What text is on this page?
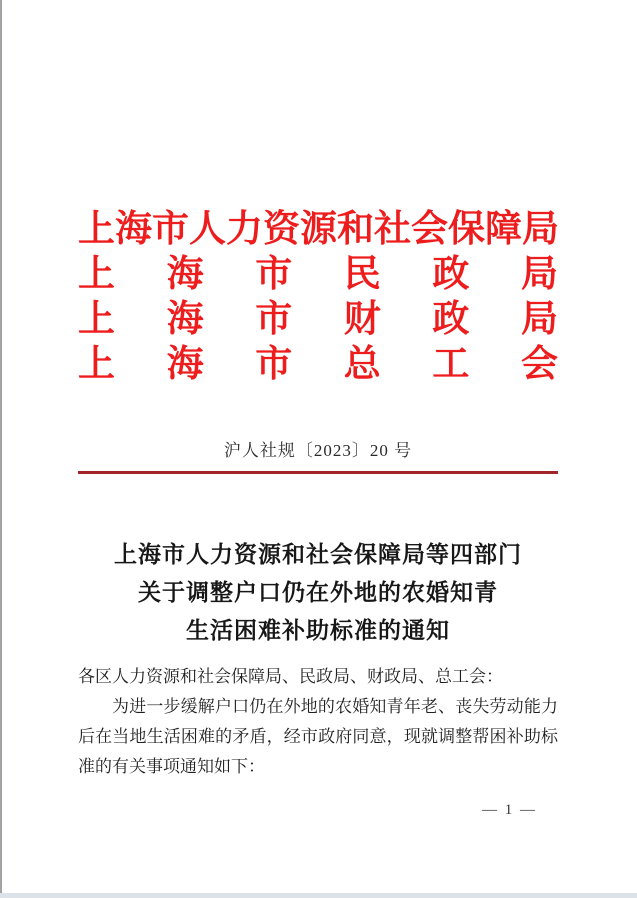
上海市人力资源和社会保障局
上海市民政局
上海市财政局
上海市总工会
沪人社规〔2023〕20 号
上海市人力资源和社会保障局等四部门
关于调整户口仍在外地的农婚知青
生活困难补助标准的通知
各区人力资源和社会保障局、民政局、财政局、总工会：
为进一步缓解户口仍在外地的农婚知青年老、丧失劳动能力
后在当地生活困难的矛盾，经市政府同意，现就调整帮困补助标
准的有关事项通知如下：
— 1 —
